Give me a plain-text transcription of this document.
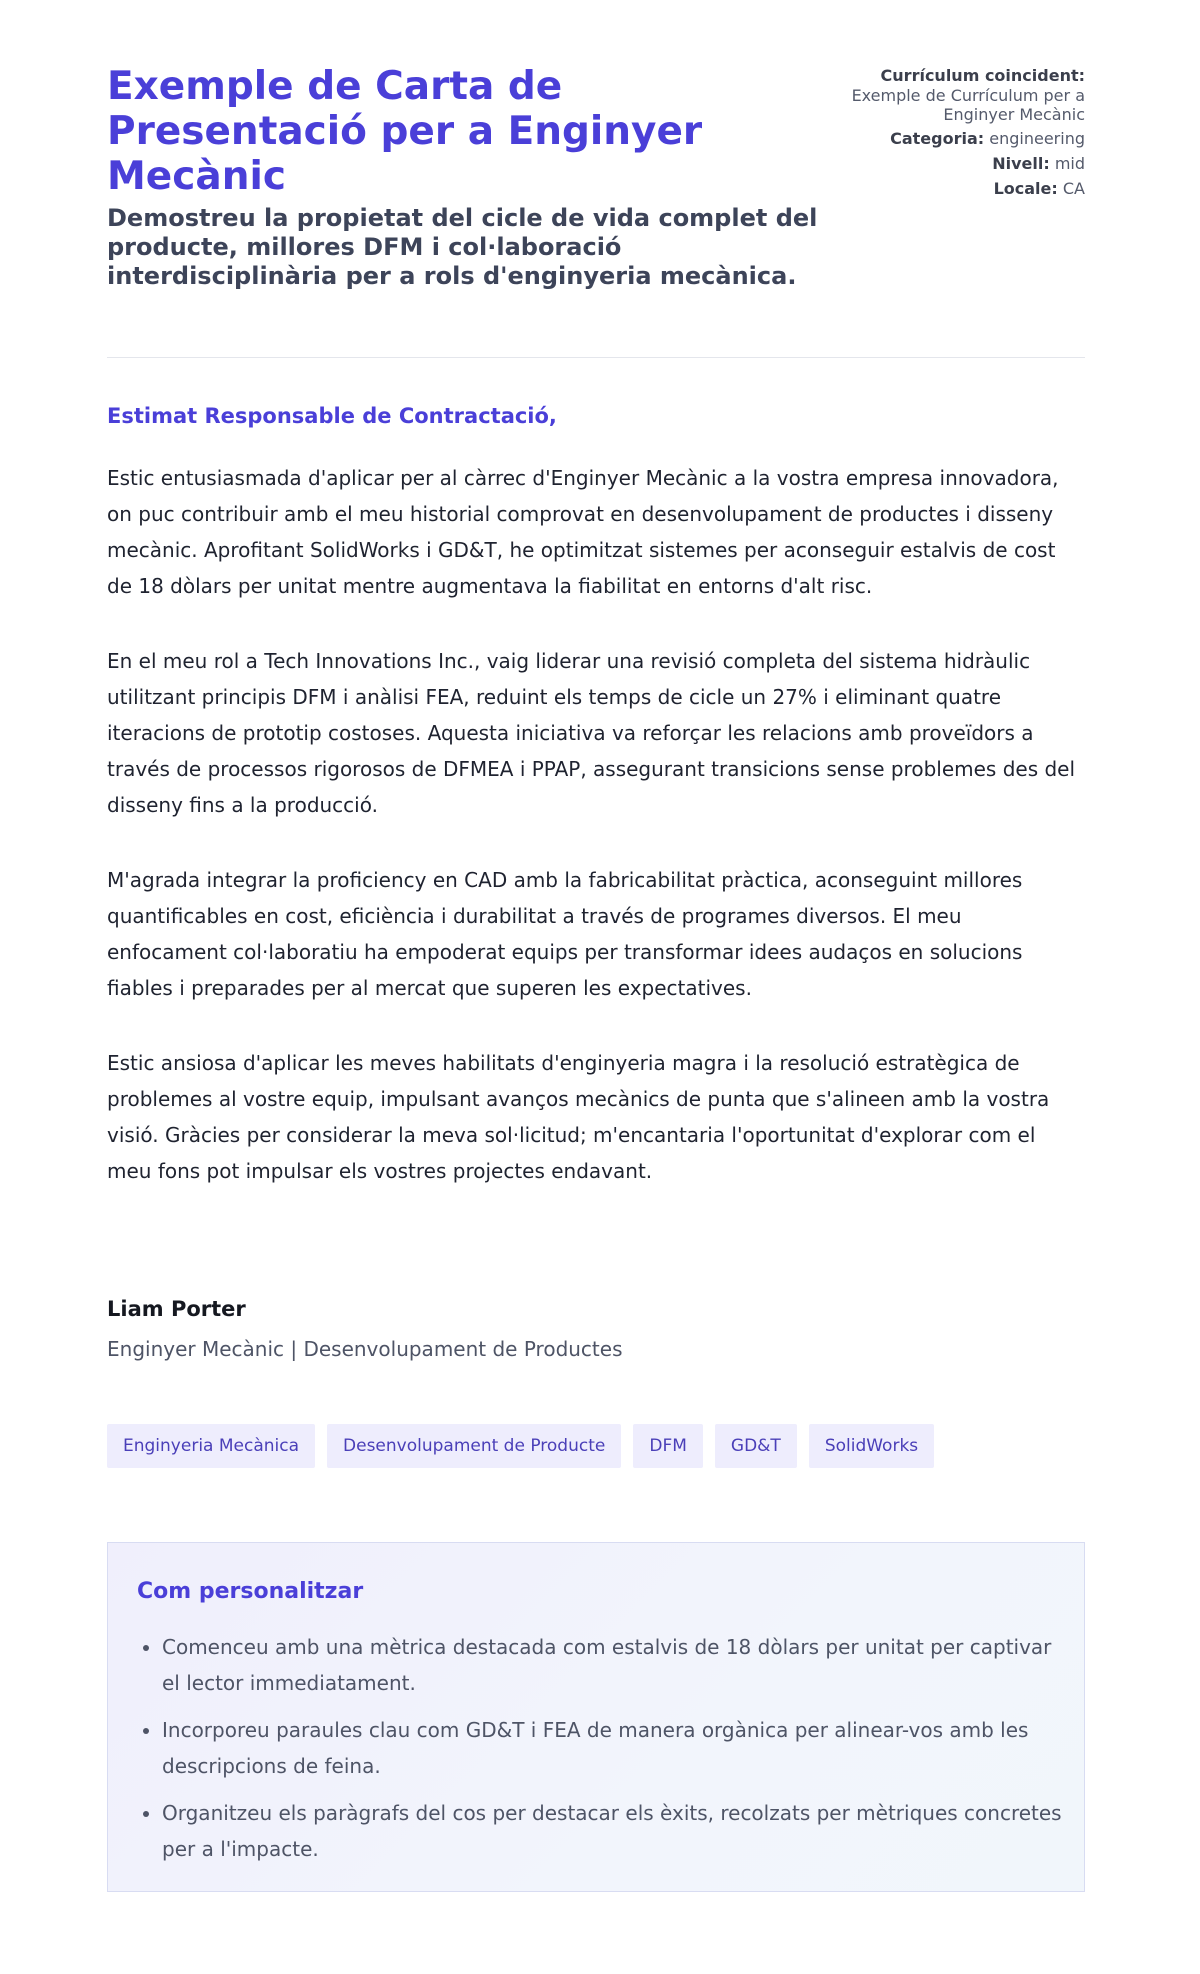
Exemple de Carta de Presentació per a Enginyer Mecànic
Demostreu la propietat del cicle de vida complet del producte, millores DFM i col·laboració interdisciplinària per a rols d'enginyeria mecànica.
Currículum coincident:
Exemple de Currículum per a Enginyer Mecànic
Categoria: engineering
Nivell: mid
Locale: CA

Estimat Responsable de Contractació,

Estic entusiasmada d'aplicar per al càrrec d'Enginyer Mecànic a la vostra empresa innovadora, on puc contribuir amb el meu historial comprovat en desenvolupament de productes i disseny mecànic. Aprofitant SolidWorks i GD&T, he optimitzat sistemes per aconseguir estalvis de cost de 18 dòlars per unitat mentre augmentava la fiabilitat en entorns d'alt risc.

En el meu rol a Tech Innovations Inc., vaig liderar una revisió completa del sistema hidràulic utilitzant principis DFM i anàlisi FEA, reduint els temps de cicle un 27% i eliminant quatre iteracions de prototip costoses. Aquesta iniciativa va reforçar les relacions amb proveïdors a través de processos rigorosos de DFMEA i PPAP, assegurant transicions sense problemes des del disseny fins a la producció.

M'agrada integrar la proficiency en CAD amb la fabricabilitat pràctica, aconseguint millores quantificables en cost, eficiència i durabilitat a través de programes diversos. El meu enfocament col·laboratiu ha empoderat equips per transformar idees audaços en solucions fiables i preparades per al mercat que superen les expectatives.

Estic ansiosa d'aplicar les meves habilitats d'enginyeria magra i la resolució estratègica de problemes al vostre equip, impulsant avanços mecànics de punta que s'alineen amb la vostra visió. Gràcies per considerar la meva sol·licitud; m'encantaria l'oportunitat d'explorar com el meu fons pot impulsar els vostres projectes endavant.

Liam Porter

Enginyer Mecànic | Desenvolupament de Productes

Enginyeria Mecànica	Desenvolupament de Producte	DFM	GD&T	SolidWorks
Com personalitzar
• Comenceu amb una mètrica destacada com estalvis de 18 dòlars per unitat per captivar el lector immediatament.
• Incorporeu paraules clau com GD&T i FEA de manera orgànica per alinear-vos amb les descripcions de feina.
• Organitzeu els paràgrafs del cos per destacar els èxits, recolzats per mètriques concretes per a l'impacte.
